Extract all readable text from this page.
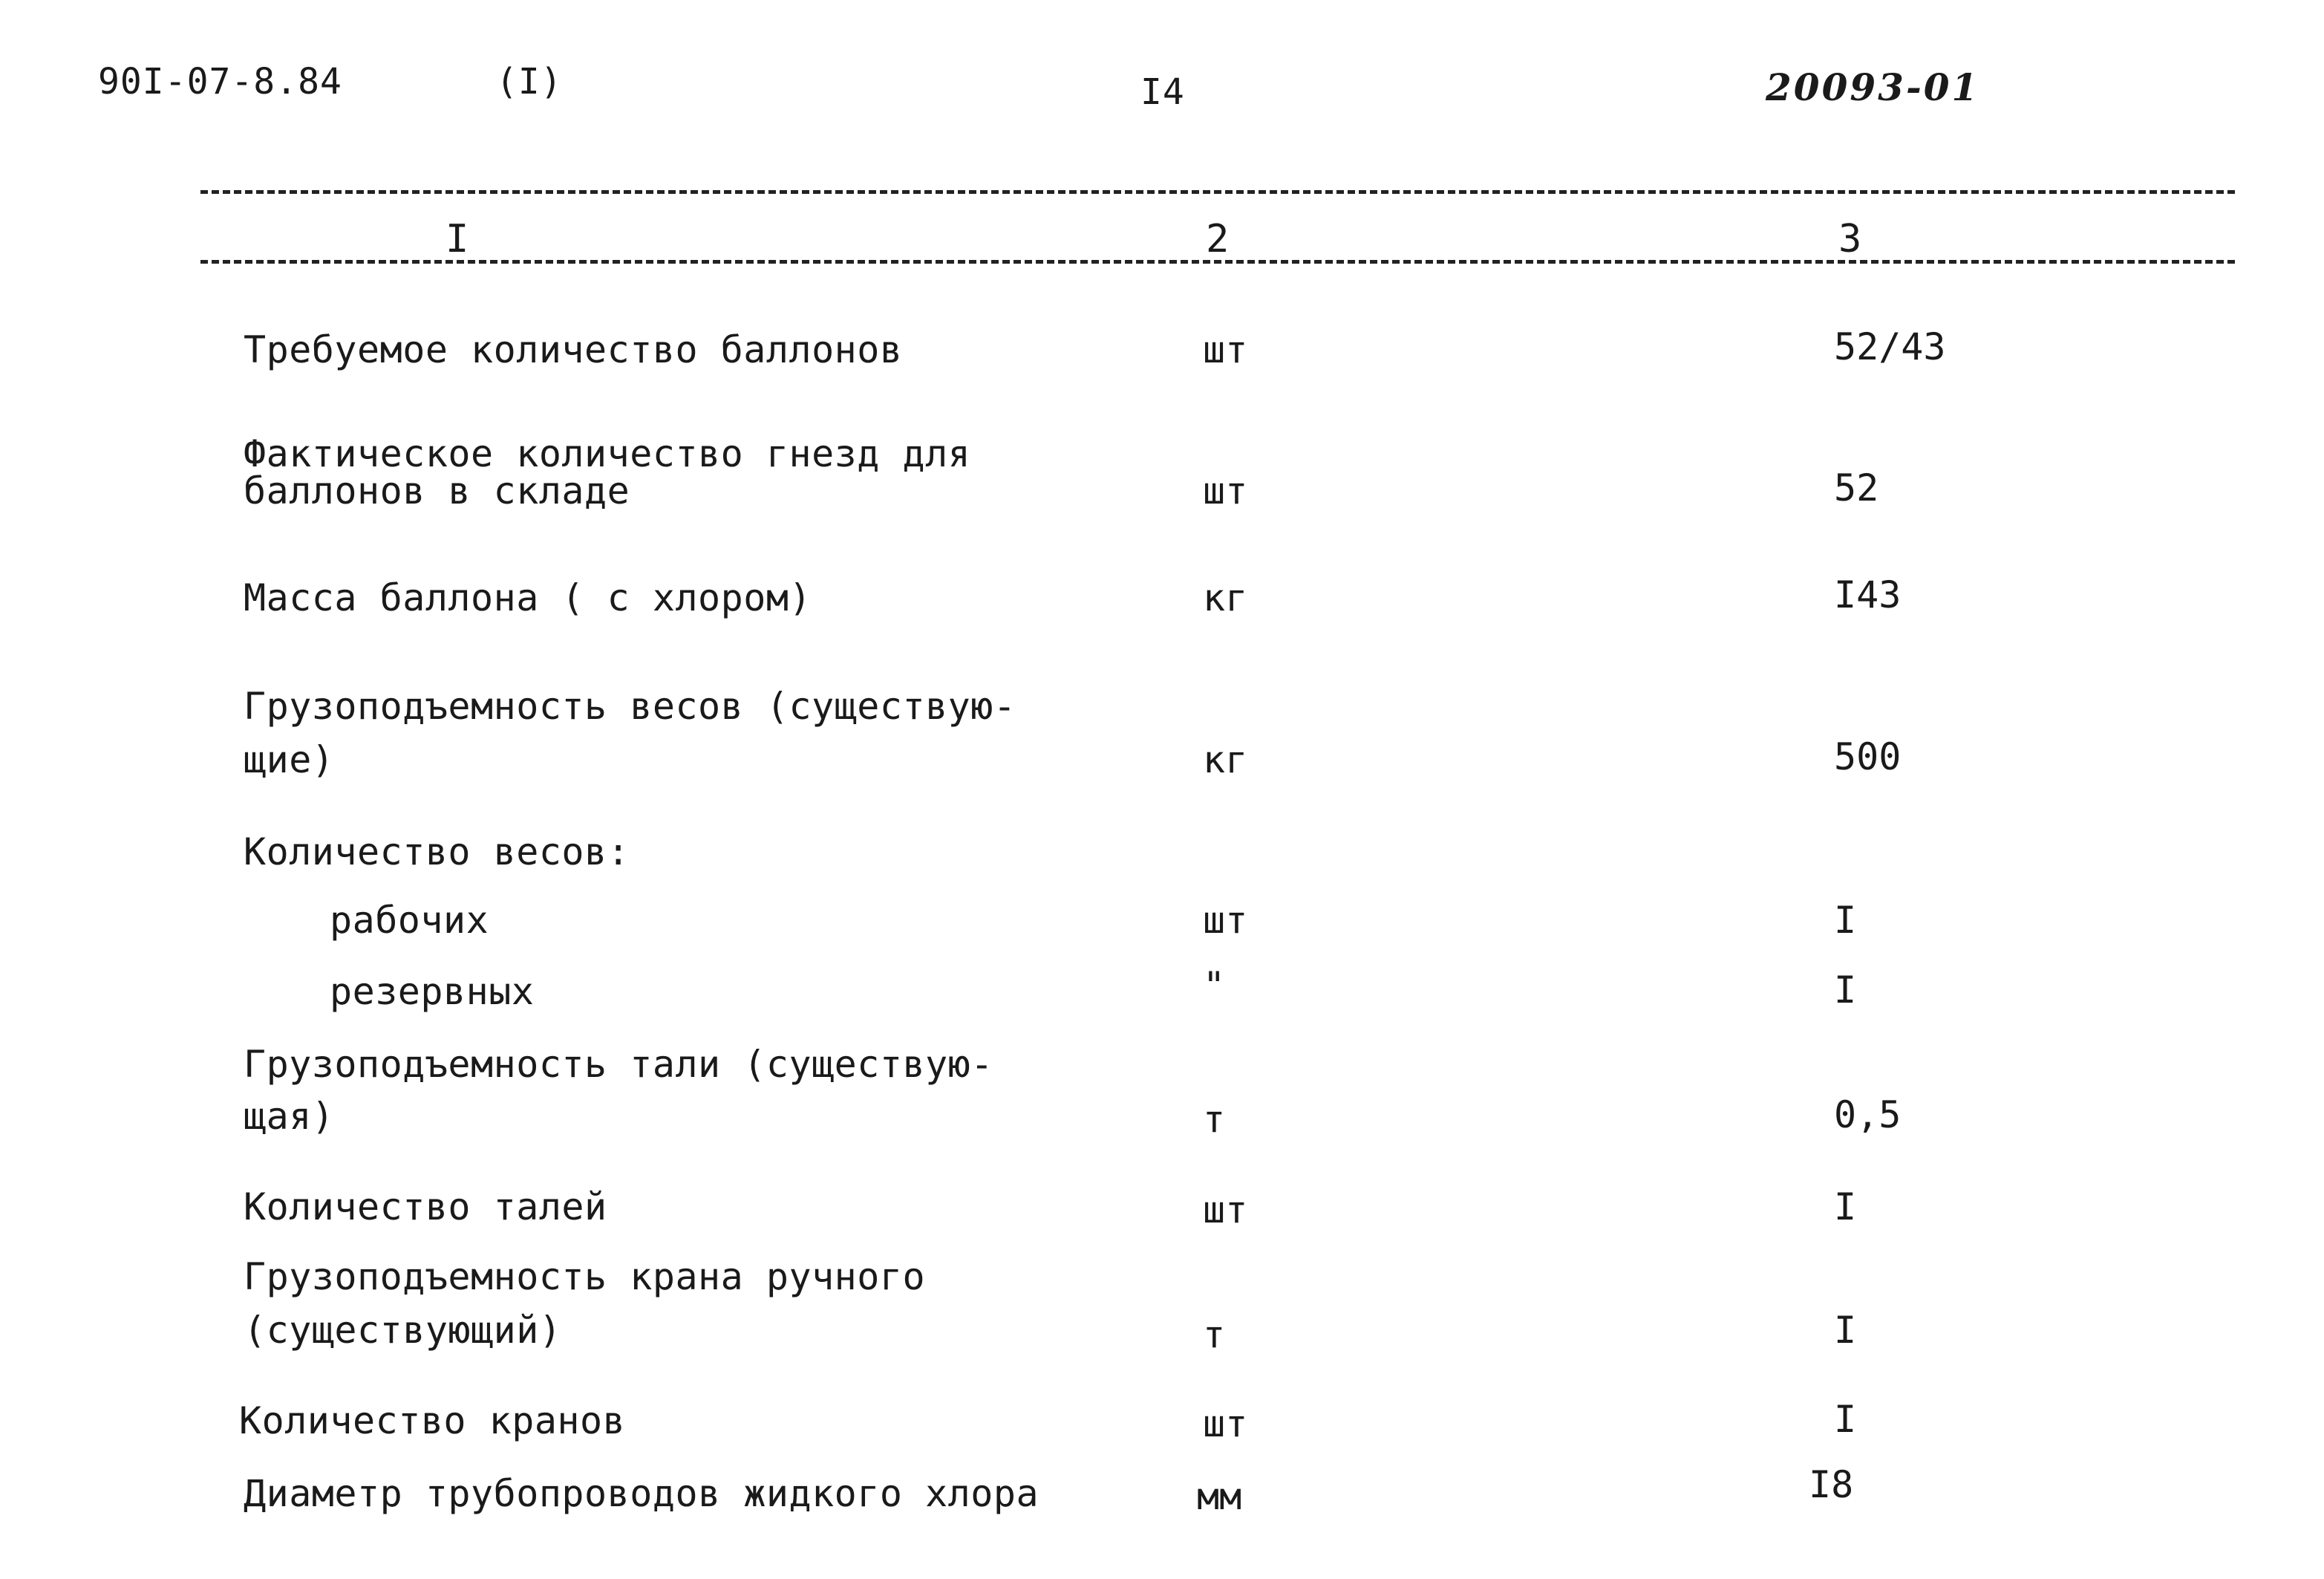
90I-07-8.84	(I)	I4	20093-01
I	2	3
Требуемое количество баллонов	шт	52/43
Фактическое количество гнезд для
баллонов в складе	шт	52
Масса баллона ( с хлором)	кг	I43
Грузоподъемность весов (существую-
щие)	кг	500
Количество весов:
рабочих	шт	I
резервных	"	I
Грузоподъемность тали (существую-
щая)	т	0,5
Количество талей	шт	I
Грузоподъемность крана ручного
(существующий)	т	I
Количество кранов	шт	I
Диаметр трубопроводов жидкого хлора	мм	I8
